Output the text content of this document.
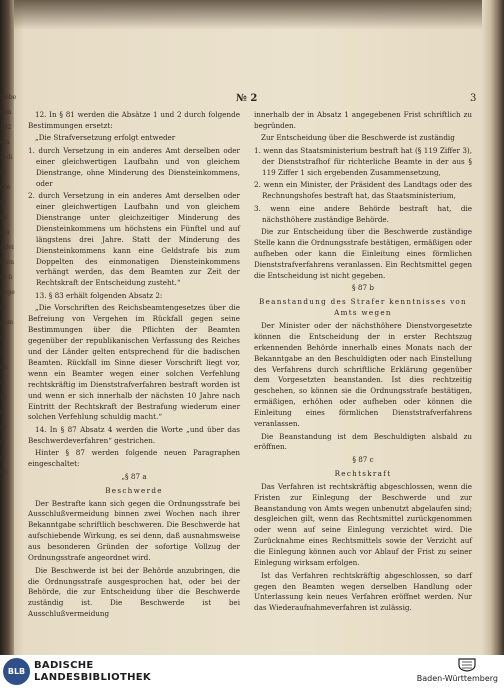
Nebe
nun
192
ein
sedi
er
(Bo
m
ns ein
erlei
iften
re ü
gege
el
gem
n
z
en
a
Er
h
er
n
d
en
№ 2	3

12. In § 81 werden die Absätze 1 und 2 durch folgende Bestimmungen ersetzt:

„Die Strafversetzung erfolgt entweder

1. durch Versetzung in ein anderes Amt derselben oder einer gleichwertigen Laufbahn und von gleichem Dienstrange, ohne Minderung des Diensteinkommens, oder

2. durch Versetzung in ein anderes Amt derselben oder einer gleichwertigen Laufbahn und von gleichem Dienstrange unter gleichzeitiger Minderung des Diensteinkommens um höchstens ein Fünftel und auf längstens drei Jahre. Statt der Minderung des Diensteinkommens kann eine Geldstrafe bis zum Doppelten des einmonatigen Diensteinkommens verhängt werden, das dem Beamten zur Zeit der Rechtskraft der Entscheidung zusteht.“

13. § 83 erhält folgenden Absatz 2:

„Die Vorschriften des Reichsbeamtengesetzes über die Befreiung von Vergehen im Rückfall gegen seine Bestimmungen über die Pflichten der Beamten gegenüber der republikanischen Verfassung des Reiches und der Länder gelten entsprechend für die badischen Beamten. Rückfall im Sinne dieser Vorschrift liegt vor, wenn ein Beamter wegen einer solchen Verfehlung rechtskräftig im Dienststrafverfahren bestraft worden ist und wenn er sich innerhalb der nächsten 10 Jahre nach Eintritt der Rechtskraft der Bestrafung wiederum einer solchen Verfehlung schuldig macht.“

14. In § 87 Absatz 4 werden die Worte „und über das Beschwerdeverfahren“ gestrichen.

Hinter § 87 werden folgende neuen Paragraphen eingeschaltet:

„§ 87 a

Beschwerde

Der Bestrafte kann sich gegen die Ordnungsstrafe bei Ausschlußvermeidung binnen zwei Wochen nach ihrer Bekanntgabe schriftlich beschweren. Die Beschwerde hat aufschiebende Wirkung, es sei denn, daß ausnahmsweise aus besonderen Gründen der sofortige Vollzug der Ordnungsstrafe angeordnet wird.

Die Beschwerde ist bei der Behörde anzubringen, die die Ordnungsstrafe ausgesprochen hat, oder bei der Behörde, die zur Entscheidung über die Beschwerde zuständig ist. Die Beschwerde ist bei Ausschlußvermeidung

innerhalb der in Absatz 1 angegebenen Frist schriftlich zu begründen.

Zur Entscheidung über die Beschwerde ist zuständig

1. wenn das Staatsministerium bestraft hat (§ 119 Ziffer 3), der Dienststrafhof für richterliche Beamte in der aus § 119 Ziffer 1 sich ergebenden Zusammensetzung,

2. wenn ein Minister, der Präsident des Landtags oder des Rechnungshofes bestraft hat, das Staatsministerium,

3. wenn eine andere Behörde bestraft hat, die nächsthöhere zuständige Behörde.

Die zur Entscheidung über die Beschwerde zuständige Stelle kann die Ordnungsstrafe bestätigen, ermäßigen oder aufheben oder kann die Einleitung eines förmlichen Dienststrafverfahrens veranlassen. Ein Rechtsmittel gegen die Entscheidung ist nicht gegeben.

§ 87 b

Beanstandung des Strafer kenntnisses von Amts wegen

Der Minister oder der nächsthöhere Dienstvorgesetzte können die Entscheidung der in erster Rechtszug erkennenden Behörde innerhalb eines Monats nach der Bekanntgabe an den Beschuldigten oder nach Einstellung des Verfahrens durch schriftliche Erklärung gegenüber dem Vorgesetzten beanstanden. Ist dies rechtzeitig geschehen, so können sie die Ordnungsstrafe bestätigen, ermäßigen, erhöhen oder aufheben oder können die Einleitung eines förmlichen Dienststrafverfahrens veranlassen.

Die Beanstandung ist dem Beschuldigten alsbald zu eröffnen.

§ 87 c

Rechtskraft

Das Verfahren ist rechtskräftig abgeschlossen, wenn die Fristen zur Einlegung der Beschwerde und zur Beanstandung von Amts wegen unbenutzt abgelaufen sind; desgleichen gilt, wenn das Rechtsmittel zurückgenommen oder wenn auf seine Einlegung verzichtet wird. Die Zurücknahme eines Rechtsmittels sowie der Verzicht auf die Einlegung können auch vor Ablauf der Frist zu seiner Einlegung wirksam erfolgen.

Ist das Verfahren rechtskräftig abgeschlossen, so darf gegen den Beamten wegen derselben Handlung oder Unterlassung kein neues Verfahren eröffnet werden. Nur das Wiederaufnahmeverfahren ist zulässig.

BLB
BADISCHE
LANDESBIBLIOTHEK	Baden-Württemberg
